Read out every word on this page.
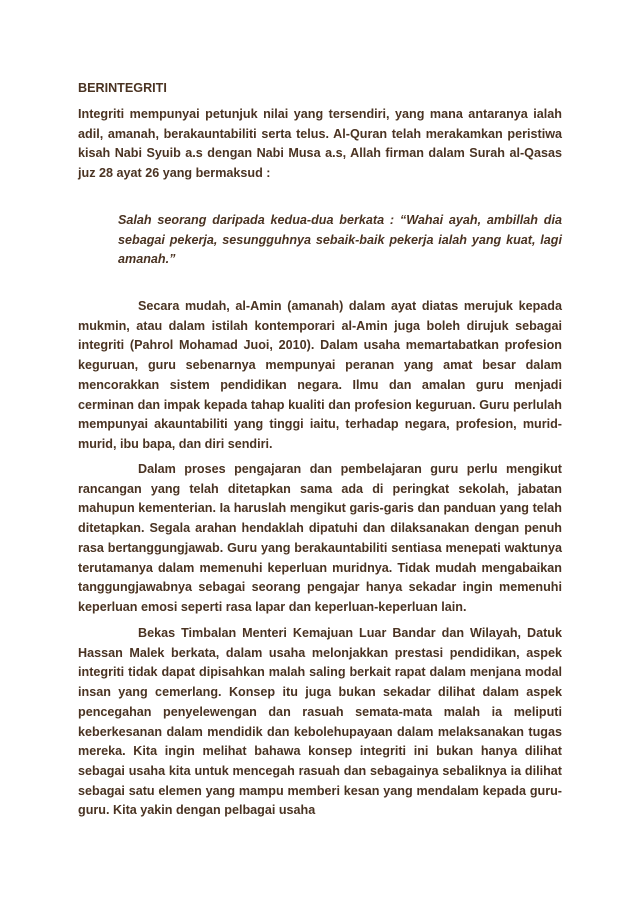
BERINTEGRITI

Integriti mempunyai petunjuk nilai yang tersendiri, yang mana antaranya ialah adil, amanah, berakauntabiliti serta telus. Al-Quran telah merakamkan peristiwa kisah Nabi Syuib a.s dengan Nabi Musa a.s, Allah firman dalam Surah al-Qasas juz 28 ayat 26 yang bermaksud :

Salah seorang daripada kedua-dua berkata : “Wahai ayah, ambillah dia sebagai pekerja, sesungguhnya sebaik-baik pekerja ialah yang kuat, lagi amanah.”

Secara mudah, al-Amin (amanah) dalam ayat diatas merujuk kepada mukmin, atau dalam istilah kontemporari al-Amin juga boleh dirujuk sebagai integriti (Pahrol Mohamad Juoi, 2010). Dalam usaha memartabatkan profesion keguruan, guru sebenarnya mempunyai peranan yang amat besar dalam mencorakkan sistem pendidikan negara. Ilmu dan amalan guru menjadi cerminan dan impak kepada tahap kualiti dan profesion keguruan. Guru perlulah mempunyai akauntabiliti yang tinggi iaitu, terhadap negara, profesion, murid-murid, ibu bapa, dan diri sendiri.

Dalam proses pengajaran dan pembelajaran guru perlu mengikut rancangan yang telah ditetapkan sama ada di peringkat sekolah, jabatan mahupun kementerian. Ia haruslah mengikut garis-garis dan panduan yang telah ditetapkan. Segala arahan hendaklah dipatuhi dan dilaksanakan dengan penuh rasa bertanggungjawab. Guru yang berakauntabiliti sentiasa menepati waktunya terutamanya dalam memenuhi keperluan muridnya. Tidak mudah mengabaikan tanggungjawabnya sebagai seorang pengajar hanya sekadar ingin memenuhi keperluan emosi seperti rasa lapar dan keperluan-keperluan lain.

Bekas Timbalan Menteri Kemajuan Luar Bandar dan Wilayah, Datuk Hassan Malek berkata, dalam usaha melonjakkan prestasi pendidikan, aspek integriti tidak dapat dipisahkan malah saling berkait rapat dalam menjana modal insan yang cemerlang. Konsep itu juga bukan sekadar dilihat dalam aspek pencegahan penyelewengan dan rasuah semata-mata malah ia meliputi keberkesanan dalam mendidik dan kebolehupayaan dalam melaksanakan tugas mereka. Kita ingin melihat bahawa konsep integriti ini bukan hanya dilihat sebagai usaha kita untuk mencegah rasuah dan sebagainya sebaliknya ia dilihat sebagai satu elemen yang mampu memberi kesan yang mendalam kepada guru-guru. Kita yakin dengan pelbagai usaha
